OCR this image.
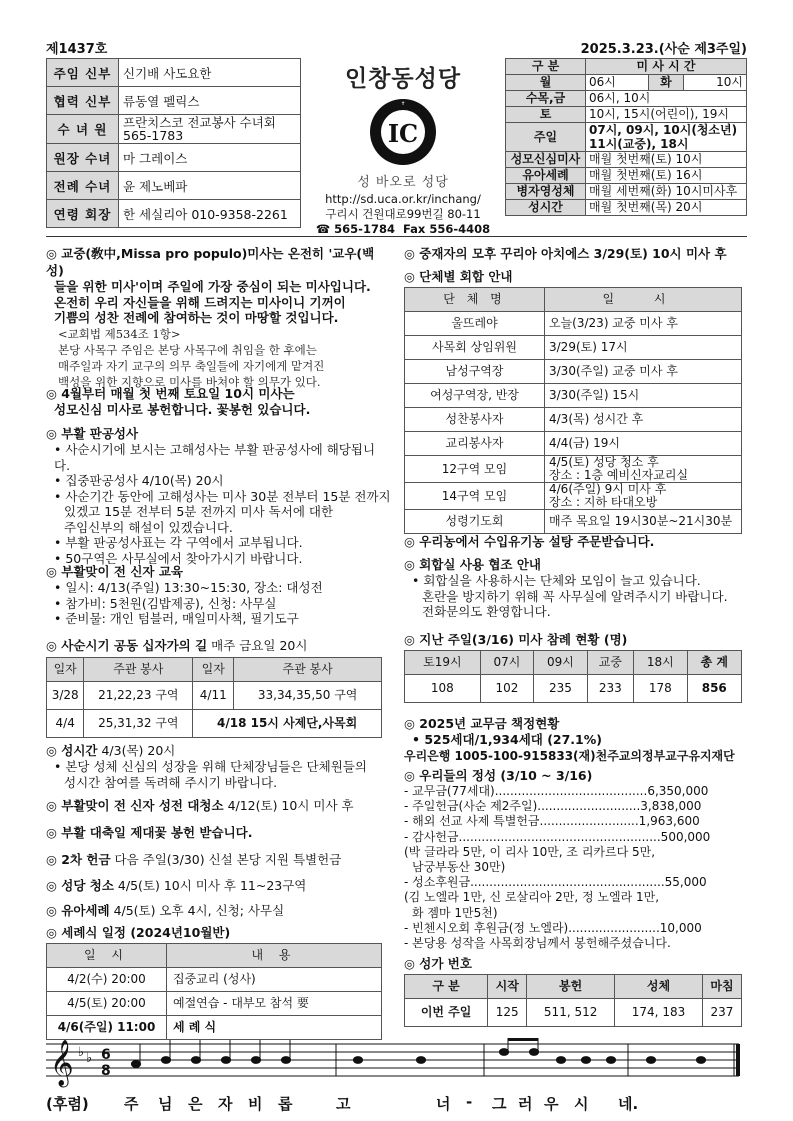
제1437호	2025.3.23.(사순 제3주일)
주임 신부	신기배 사도요한
협력 신부	류동열 펠릭스
수 녀 원	프란치스코 전교봉사 수녀회
565-1783
원장 수녀	마 그레이스
전례 수녀	윤 제노베파
연령 회장	한 세실리아 010-9358-2261
인창동성당
IC
✝
성 바오로 성당
http://sd.uca.or.kr/inchang/
구리시 건원대로99번길 80-11
☎ 565-1784 Fax 556-4408
구 분	미 사 시 간		
월	06시	화	10시
수목,금	06시, 10시		
토	10시, 15시(어린이), 19시		
주일	07시, 09시, 10시(청소년)
11시(교중), 18시		
성모신심미사	매월 첫번째(토) 10시		
유아세례	매월 첫번째(토) 16시		
병자영성체	매월 세번째(화) 10시미사후		
성시간	매월 첫번째(목) 20시		
◎ 교중(敎中,Missa pro populo)미사는 온전히 '교우(백성)
들을 위한 미사'이며 주일에 가장 중심이 되는 미사입니다.
온전히 우리 자신들을 위해 드려지는 미사이니 기꺼이
기쁨의 성찬 전례에 참여하는 것이 마땅할 것입니다.
<교회법 제534조 1항>
본당 사목구 주임은 본당 사목구에 취임을 한 후에는
매주일과 자기 교구의 의무 축일들에 자기에게 맡겨진
백성을 위한 지향으로 미사를 바쳐야 할 의무가 있다.
◎ 4월부터 매월 첫 번째 토요일 10시 미사는
성모신심 미사로 봉헌합니다. 꽃봉헌 있습니다.
◎ 부활 판공성사
• 사순시기에 보시는 고해성사는 부활 판공성사에 해당됩니다.
• 집중판공성사 4/10(목) 20시
• 사순기간 동안에 고해성사는 미사 30분 전부터 15분 전까지
있겠고 15분 전부터 5분 전까지 미사 독서에 대한
주임신부의 해설이 있겠습니다.
• 부활 판공성사표는 각 구역에서 교부됩니다.
• 50구역은 사무실에서 찾아가시기 바랍니다.
◎ 부활맞이 전 신자 교육
• 일시: 4/13(주일) 13:30~15:30, 장소: 대성전
• 참가비: 5천원(김밥제공), 신청: 사무실
• 준비물: 개인 텀블러, 매일미사책, 필기도구
◎ 사순시기 공동 십자가의 길 매주 금요일 20시
일자	주관 봉사	일자	주관 봉사
3/28	21,22,23 구역	4/11	33,34,35,50 구역
4/4	25,31,32 구역	4/18 15시 사제단,사목회	
◎ 성시간 4/3(목) 20시
• 본당 성체 신심의 성장을 위해 단체장님들은 단체원들의
성시간 참여를 독려해 주시기 바랍니다.
◎ 부활맞이 전 신자 성전 대청소 4/12(토) 10시 미사 후
◎ 부활 대축일 제대꽃 봉헌 받습니다.
◎ 2차 헌금 다음 주일(3/30) 신설 본당 지원 특별헌금
◎ 성당 청소 4/5(토) 10시 미사 후 11~23구역
◎ 유아세례 4/5(토) 오후 4시, 신청; 사무실
◎ 세례식 일정 (2024년10월반)
일 시	내 용
4/2(수) 20:00	집중교리 (성사)
4/5(토) 20:00	예절연습 - 대부모 참석 要
4/6(주일) 11:00	세 례 식
◎ 중재자의 모후 꾸리아 아치에스 3/29(토) 10시 미사 후
◎ 단체별 회합 안내
단 체 명	일 시
울뜨레야	오늘(3/23) 교중 미사 후
사목회 상임위원	3/29(토) 17시
남성구역장	3/30(주일) 교중 미사 후
여성구역장, 반장	3/30(주일) 15시
성찬봉사자	4/3(목) 성시간 후
교리봉사자	4/4(금) 19시
12구역 모임	4/5(토) 성당 청소 후
장소 : 1층 예비신자교리실
14구역 모임	4/6(주일) 9시 미사 후
장소 : 지하 타대오방
성령기도회	매주 목요일 19시30분~21시30분
◎ 우리농에서 수입유기농 설탕 주문받습니다.
◎ 회합실 사용 협조 안내
• 회합실을 사용하시는 단체와 모임이 늘고 있습니다.
혼란을 방지하기 위해 꼭 사무실에 알려주시기 바랍니다.
전화문의도 환영합니다.
◎ 지난 주일(3/16) 미사 참례 현황 (명)
토19시	07시	09시	교중	18시	총 계
108	102	235	233	178	856
◎ 2025년 교무금 책정현황
• 525세대/1,934세대 (27.1%)
우리은행 1005-100-915833(재)천주교의정부교구유지재단
◎ 우리들의 정성 (3/10 ~ 3/16)
- 교무금(77세대)........................................6,350,000
- 주일헌금(사순 제2주일)...........................3,838,000
- 해외 선교 사제 특별헌금..........................1,963,600
- 감사헌금.....................................................500,000
(박 글라라 5만, 이 리사 10만, 조 리카르다 5만,
남궁부동산 30만)
- 성소후원금...................................................55,000
(김 노엘라 1만, 신 로살리아 2만, 정 노엘라 1만,
화 젬마 1만5천)
- 빈첸시오회 후원금(정 노엘라)........................10,000
- 본당용 성작을 사목회장님께서 봉헌해주셨습니다.
◎ 성가 번호
구 분	시작	봉헌	성체	마침
이번 주일	125	511, 512	174, 183	237
𝄞 ♭ ♭ 6
8
(후렴)	주	님	은	자	비	롭	고	너	-	그 러 우	시	네.
